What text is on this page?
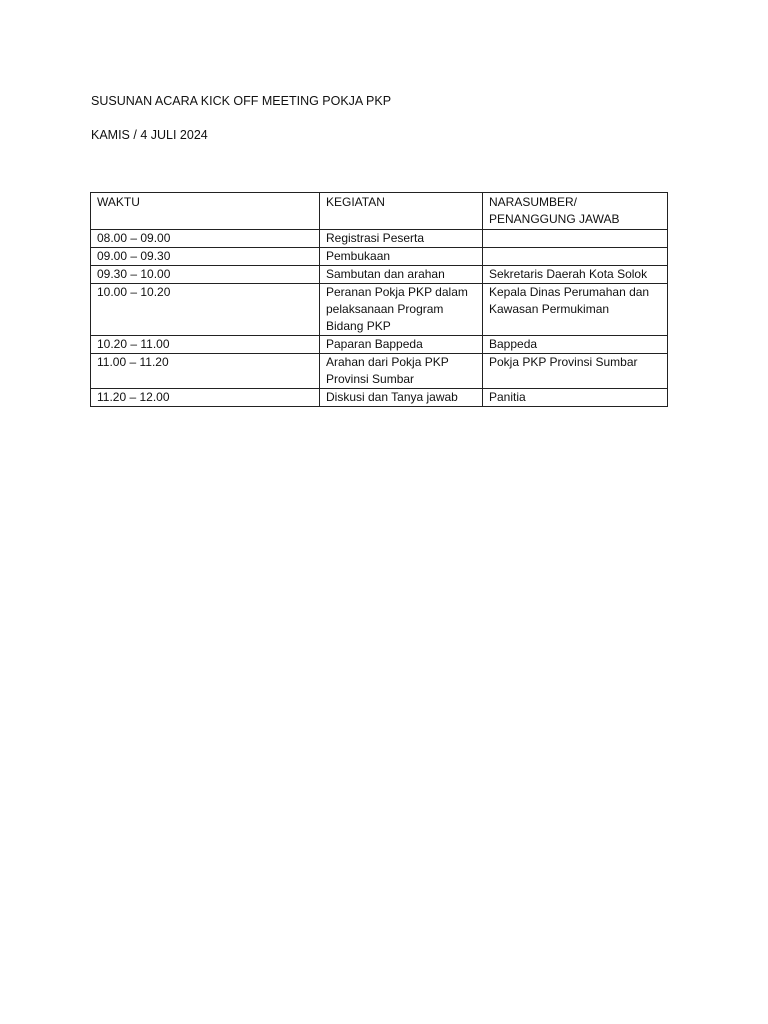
SUSUNAN ACARA KICK OFF MEETING POKJA PKP
KAMIS / 4 JULI 2024
WAKTU	KEGIATAN	NARASUMBER/
PENANGGUNG JAWAB
08.00 – 09.00	Registrasi Peserta	
09.00 – 09.30	Pembukaan	
09.30 – 10.00	Sambutan dan arahan	Sekretaris Daerah Kota Solok
10.00 – 10.20	Peranan Pokja PKP dalam
pelaksanaan Program
Bidang PKP	Kepala Dinas Perumahan dan
Kawasan Permukiman
10.20 – 11.00	Paparan Bappeda	Bappeda
11.00 – 11.20	Arahan dari Pokja PKP
Provinsi Sumbar	Pokja PKP Provinsi Sumbar
11.20 – 12.00	Diskusi dan Tanya jawab	Panitia
